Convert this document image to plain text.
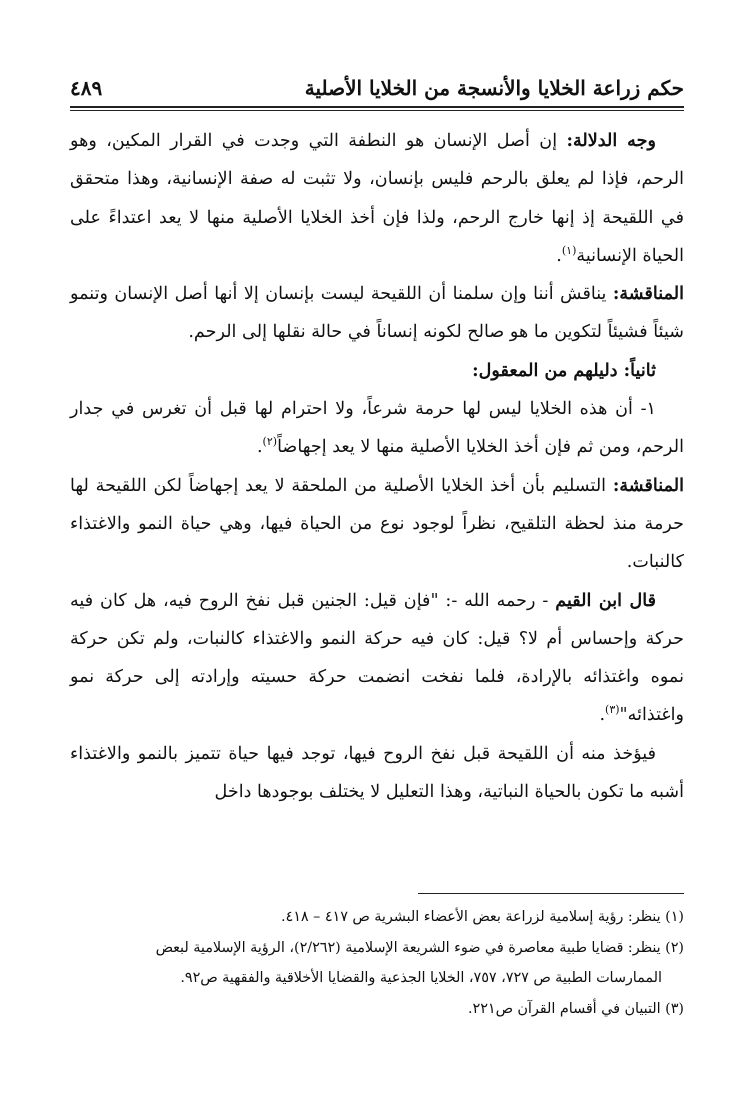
حكم زراعة الخلايا والأنسجة من الخلايا الأصلية
٤٨٩

وجه الدلالة: إن أصل الإنسان هو النطفة التي وجدت في القرار المكين، وهو الرحم، فإذا لم يعلق بالرحم فليس بإنسان، ولا تثبت له صفة الإنسانية، وهذا متحقق في اللقيحة إذ إنها خارج الرحم، ولذا فإن أخذ الخلايا الأصلية منها لا يعد اعتداءً على الحياة الإنسانية$^{(١)}$.

المناقشة: يناقش أننا وإن سلمنا أن اللقيحة ليست بإنسان إلا أنها أصل الإنسان وتنمو شيئاً فشيئاً لتكوين ما هو صالح لكونه إنساناً في حالة نقلها إلى الرحم.

ثانياً: دليلهم من المعقول:

١- أن هذه الخلايا ليس لها حرمة شرعاً، ولا احترام لها قبل أن تغرس في جدار الرحم، ومن ثم فإن أخذ الخلايا الأصلية منها لا يعد إجهاضاً$^{(٢)}$.

المناقشة: التسليم بأن أخذ الخلايا الأصلية من الملحقة لا يعد إجهاضاً لكن اللقيحة لها حرمة منذ لحظة التلقيح، نظراً لوجود نوع من الحياة فيها، وهي حياة النمو والاغتذاء كالنبات.

قال ابن القيم - رحمه الله -: "فإن قيل: الجنين قبل نفخ الروح فيه، هل كان فيه حركة وإحساس أم لا؟ قيل: كان فيه حركة النمو والاغتذاء كالنبات، ولم تكن حركة نموه واغتذائه بالإرادة، فلما نفخت انضمت حركة حسيته وإرادته إلى حركة نمو واغتذائه"$^{(٣)}$.

فيؤخذ منه أن اللقيحة قبل نفخ الروح فيها، توجد فيها حياة تتميز بالنمو والاغتذاء أشبه ما تكون بالحياة النباتية، وهذا التعليل لا يختلف بوجودها داخل

(١) ينظر: رؤية إسلامية لزراعة بعض الأعضاء البشرية ص ٤١٧ – ٤١٨.

(٢) ينظر: قضايا طبية معاصرة في ضوء الشريعة الإسلامية (٢/٢٦٢)، الرؤية الإسلامية لبعض

الممارسات الطبية ص ٧٢٧، ٧٥٧، الخلايا الجذعية والقضايا الأخلاقية والفقهية ص٩٢.

(٣) التبيان في أقسام القرآن ص٢٢١.
